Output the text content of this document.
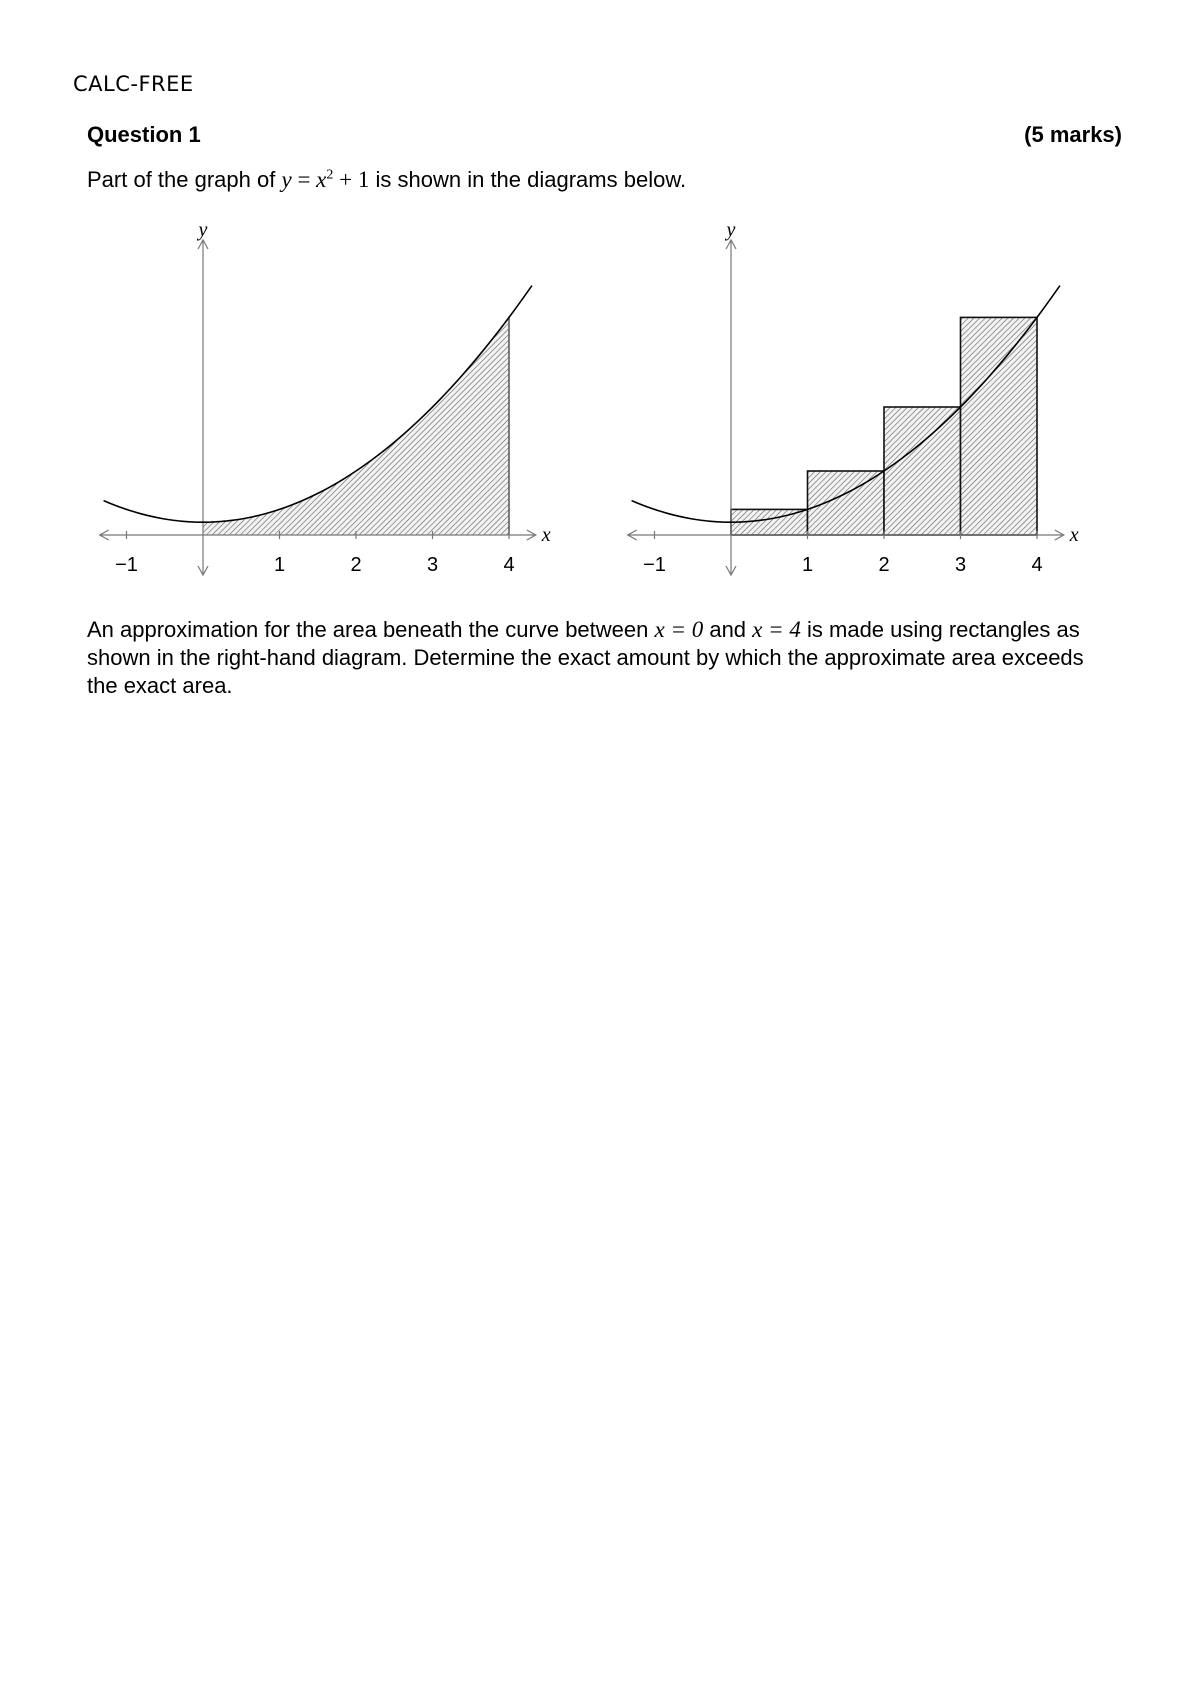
CALC-FREE
Question 1	(5 marks)
Part of the graph of $y = x^2 + 1$ is shown in the diagrams below.
−1	1	2	3	4
x
y
−1	1	2	3	4
x
y
An approximation for the area beneath the curve between x = 0 and x = 4 is made using rectangles as shown in the right-hand diagram. Determine the exact amount by which the approximate area exceeds the exact area.
